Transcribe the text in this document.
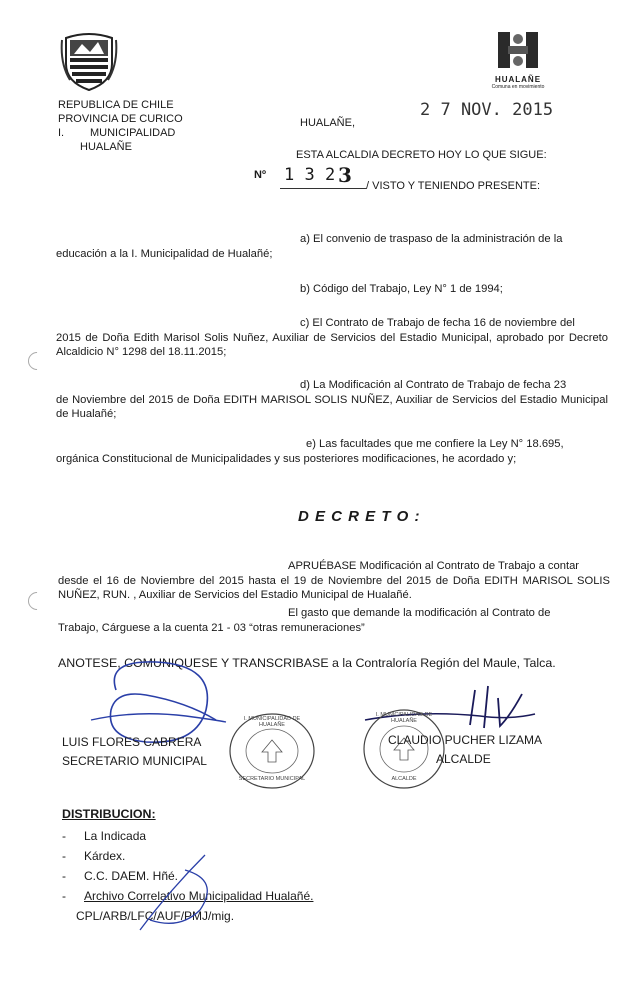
HUALAÑE
Comuna en movimiento
REPUBLICA DE CHILE
PROVINCIA DE CURICO
I. MUNICIPALIDAD
HUALAÑE
HUALAÑE,
2 7 NOV. 2015
ESTA ALCALDIA DECRETO HOY LO QUE SIGUE:
Nº 1 3 2 3 / VISTO Y TENIENDO PRESENTE:
a) El convenio de traspaso de la administración de la
educación a la I. Municipalidad de Hualañé;
b) Código del Trabajo, Ley N° 1 de 1994;
c) El Contrato de Trabajo de fecha 16 de noviembre del
2015 de Doña Edith Marisol Solis Nuñez, Auxiliar de Servicios del Estadio Municipal, aprobado por Decreto Alcaldicio N° 1298 del 18.11.2015;
d) La Modificación al Contrato de Trabajo de fecha 23
de Noviembre del 2015 de Doña EDITH MARISOL SOLIS NUÑEZ, Auxiliar de Servicios del Estadio Municipal de Hualañé;
e) Las facultades que me confiere la Ley N° 18.695,
orgánica Constitucional de Municipalidades y sus posteriores modificaciones, he acordado y;
D E C R E T O :
APRUÉBASE Modificación al Contrato de Trabajo a contar
desde el 16 de Noviembre del 2015 hasta el 19 de Noviembre del 2015 de Doña EDITH MARISOL SOLIS NUÑEZ, RUN. , Auxiliar de Servicios del Estadio Municipal de Hualañé.
El gasto que demande la modificación al Contrato de
Trabajo, Cárguese a la cuenta 21 - 03 “otras remuneraciones”
ANOTESE, COMUNIQUESE Y TRANSCRIBASE a la Contraloría Región del Maule, Talca.
I. MUNICIPALIDAD DE HUALAÑE
SECRETARIO MUNICIPAL
I. MUNICIPALIDAD DE HUALAÑE
ALCALDE
LUIS FLORES CABRERA
SECRETARIO MUNICIPAL
CLAUDIO PUCHER LIZAMA
ALCALDE
DISTRIBUCION:
- La Indicada
- Kárdex.
- C.C. DAEM. Hñé.
- Archivo Correlativo Municipalidad Hualañé.
CPL/ARB/LFC/AUF/PMJ/mig.
